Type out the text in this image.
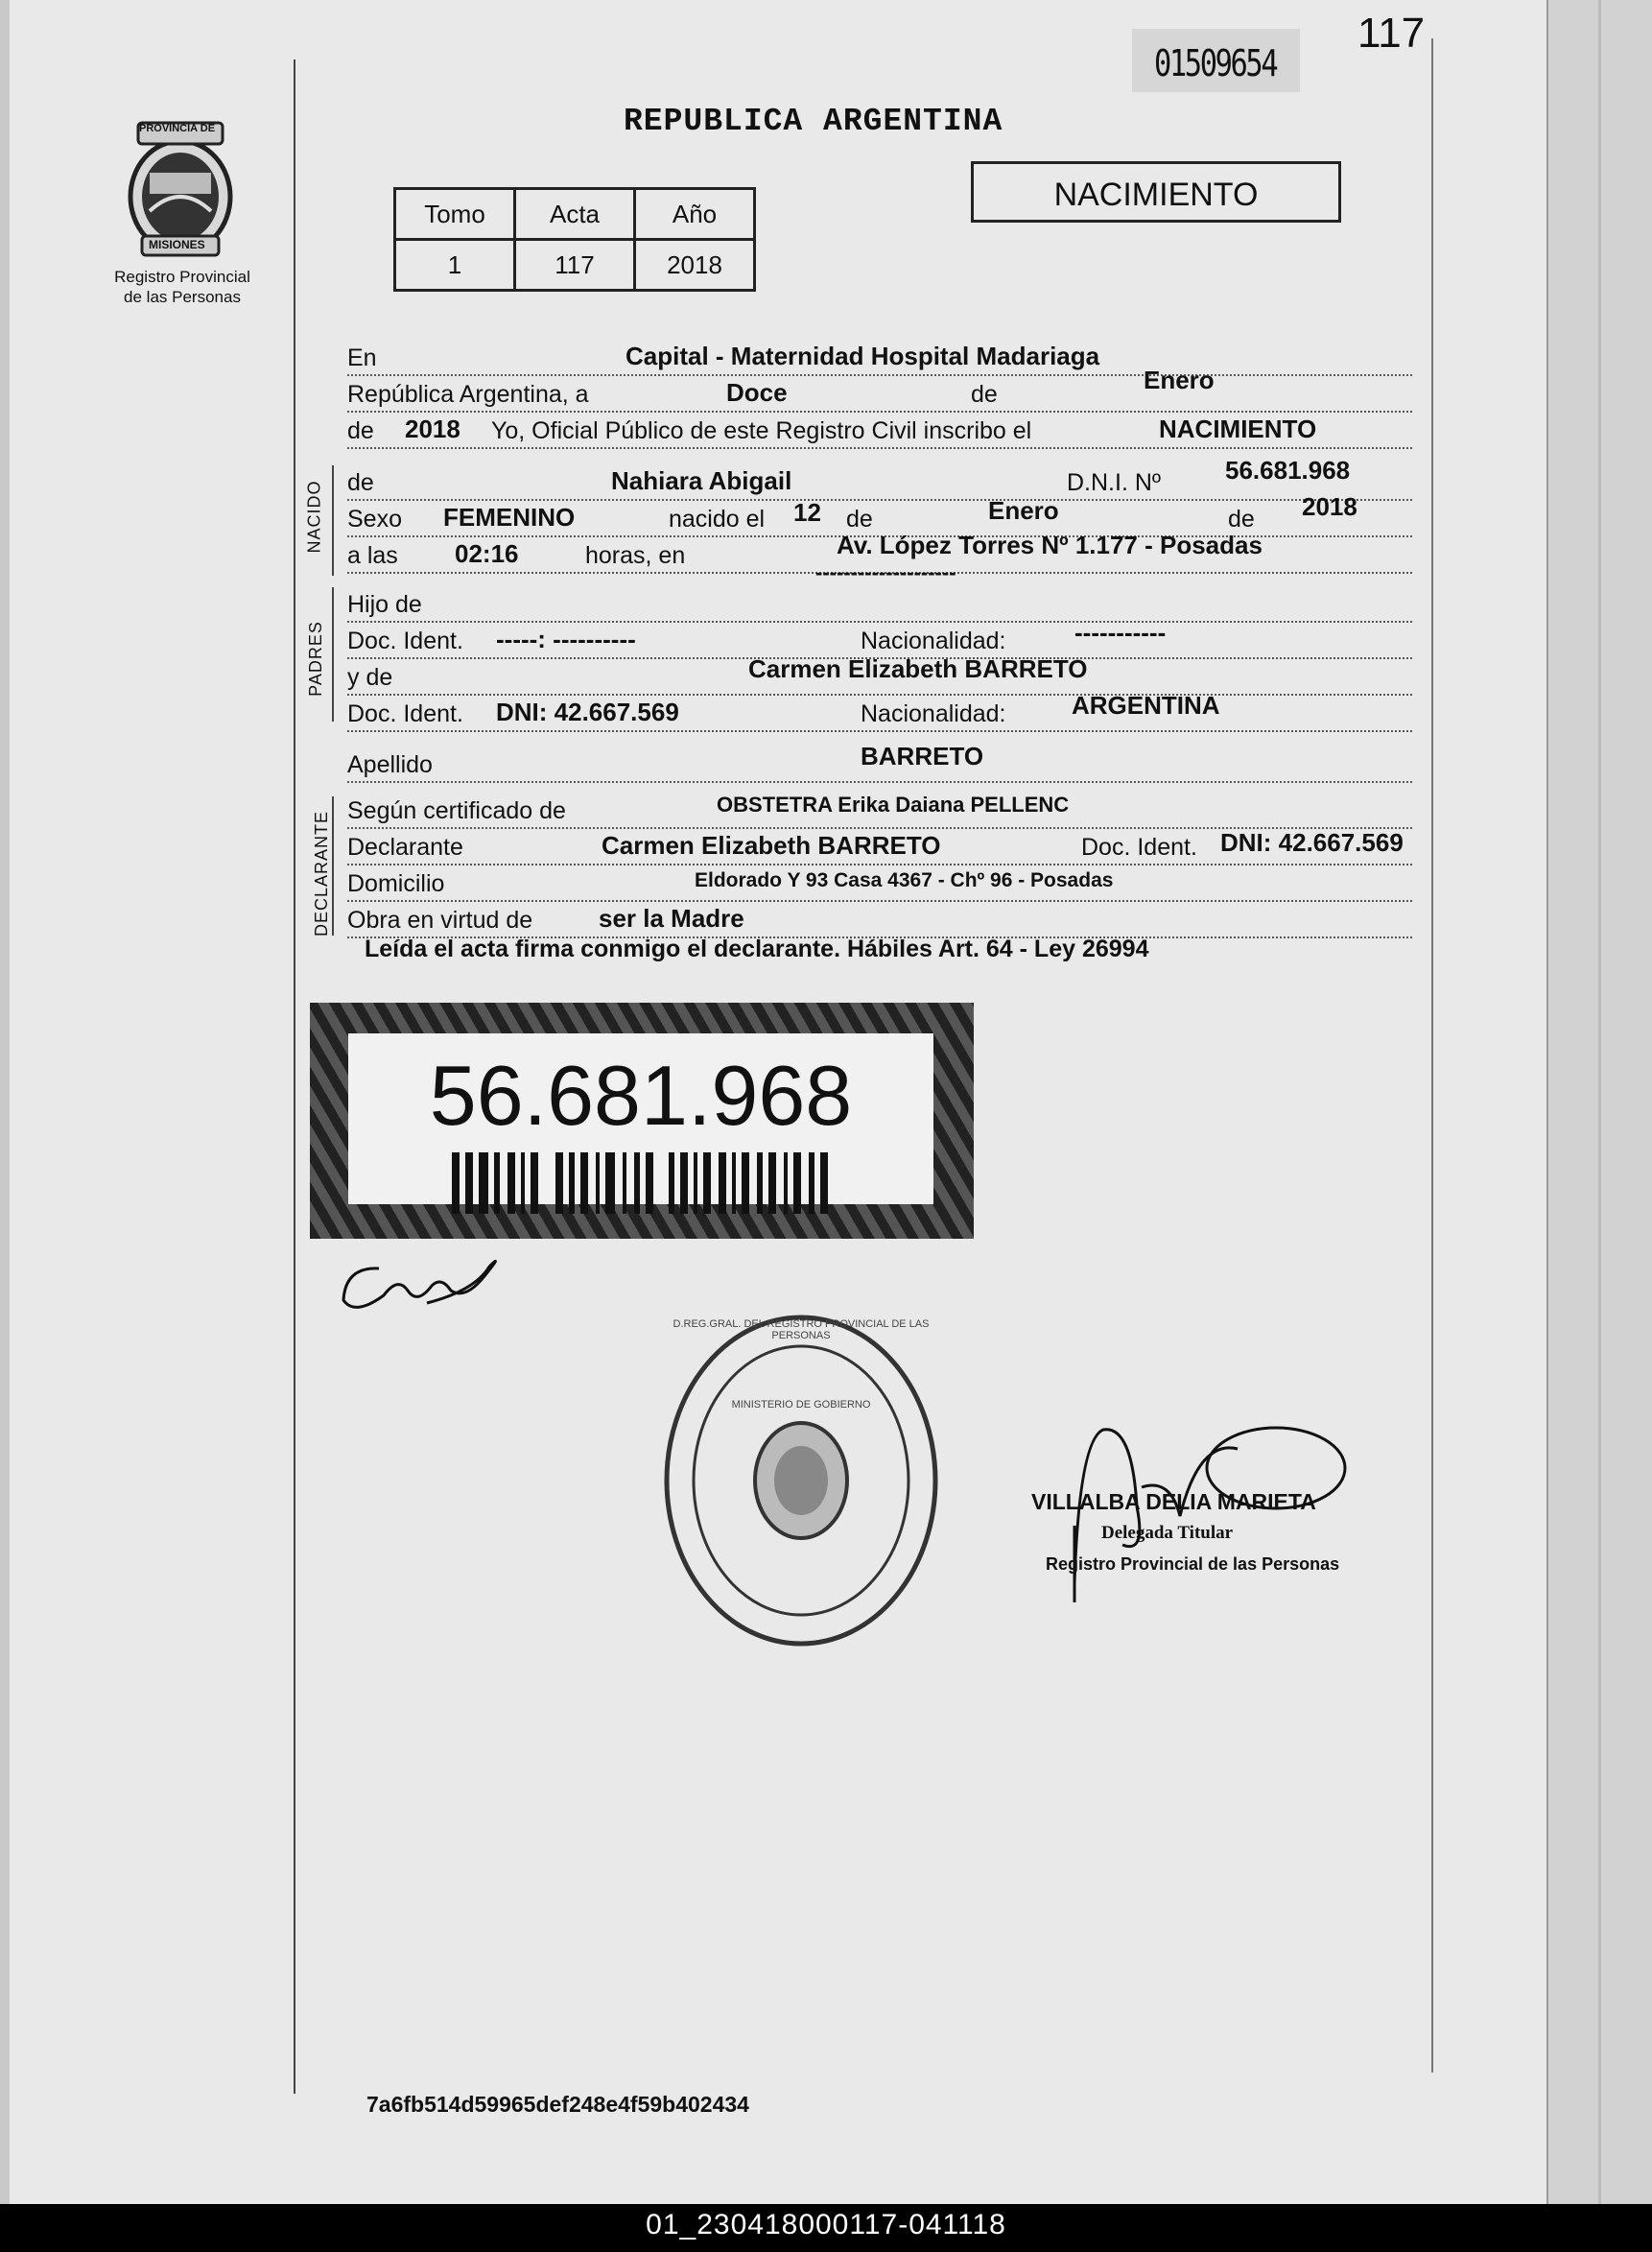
117
01509654
PROVINCIA DE
MISIONES
Registro Provincial
de las Personas
REPUBLICA ARGENTINA
NACIMIENTO
Tomo	Acta	Año
1	117	2018
En	Capital - Maternidad Hospital Madariaga
República Argentina, a	Doce	de	Enero
de 2018 Yo, Oficial Público de este Registro Civil inscribo el	NACIMIENTO
NACIDO de	Nahiara Abigail	D.N.I. Nº	56.681.968
Sexo FEMENINO	nacido el 12 de	Enero	de 2018
a las 02:16	horas, en	Av. López Torres Nº 1.177 - Posadas
--------------------
PADRES
Hijo de
Doc. Ident. -----: ----------	Nacionalidad:	-----------
y de	Carmen Elizabeth BARRETO
Doc. Ident. DNI: 42.667.569	Nacionalidad:	ARGENTINA
Apellido	BARRETO
DECLARANTE Según certificado de	OBSTETRA Erika Daiana PELLENC
Declarante	Carmen Elizabeth BARRETO	Doc. Ident. DNI: 42.667.569
Domicilio	Eldorado Y 93 Casa 4367 - Chº 96 - Posadas
Obra en virtud de	ser la Madre
Leída el acta firma conmigo el declarante. Hábiles Art. 64 - Ley 26994
56.681.968
D.REG.GRAL. DEL REGISTRO PROVINCIAL DE LAS PERSONAS
MINISTERIO DE GOBIERNO
VILLALBA DELIA MARIETA
Delegada Titular
Registro Provincial de las Personas
7a6fb514d59965def248e4f59b402434
01_230418000117-041118
